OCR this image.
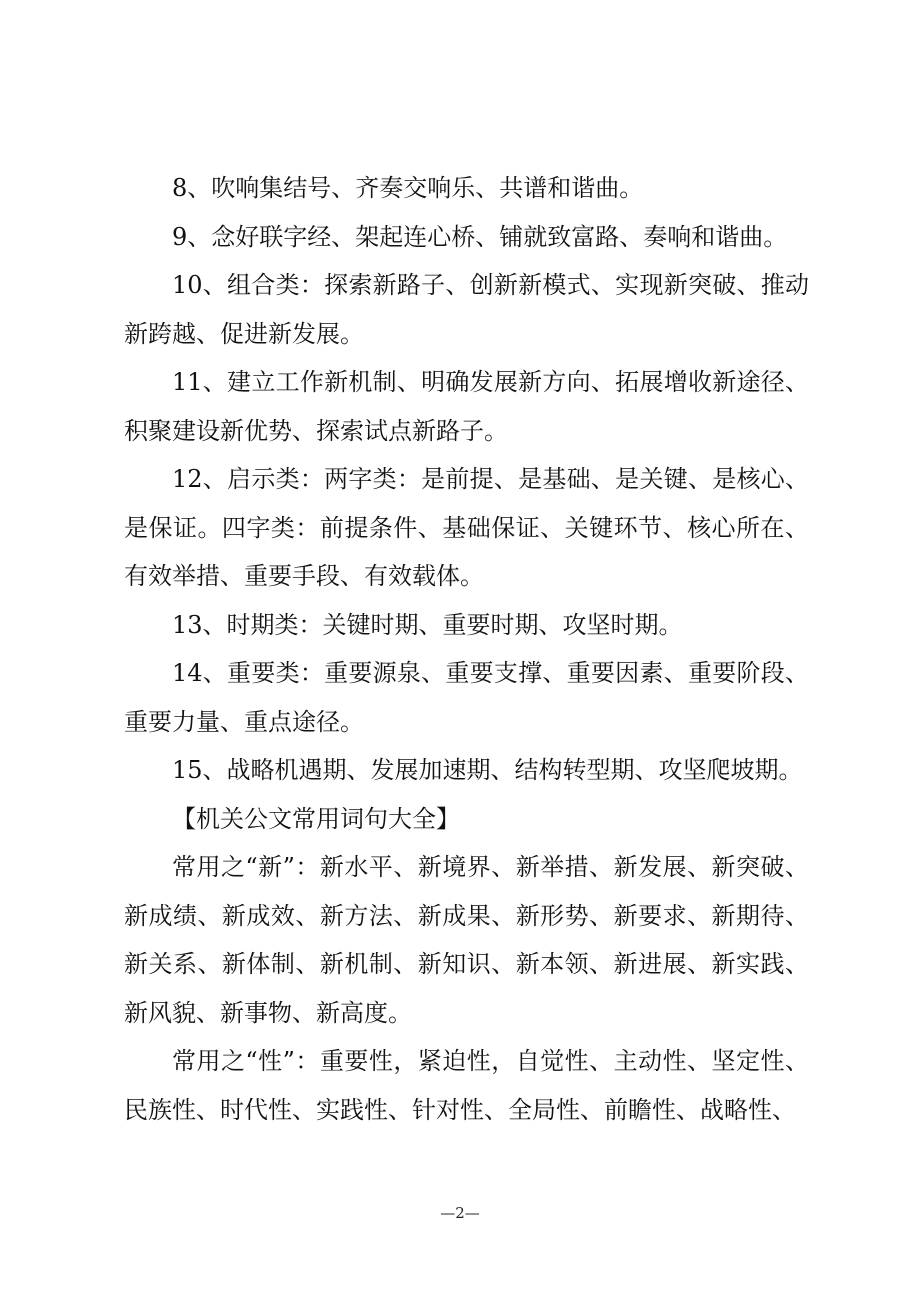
8、吹响集结号、齐奏交响乐、共谱和谐曲。

9、念好联字经、架起连心桥、铺就致富路、奏响和谐曲。

10、组合类：探索新路子、创新新模式、实现新突破、推动新跨越、促进新发展。

11、建立工作新机制、明确发展新方向、拓展增收新途径、积聚建设新优势、探索试点新路子。

12、启示类：两字类：是前提、是基础、是关键、是核心、是保证。四字类：前提条件、基础保证、关键环节、核心所在、有效举措、重要手段、有效载体。

13、时期类：关键时期、重要时期、攻坚时期。

14、重要类：重要源泉、重要支撑、重要因素、重要阶段、重要力量、重点途径。

15、战略机遇期、发展加速期、结构转型期、攻坚爬坡期。

【机关公文常用词句大全】

常用之“新”：新水平、新境界、新举措、新发展、新突破、新成绩、新成效、新方法、新成果、新形势、新要求、新期待、新关系、新体制、新机制、新知识、新本领、新进展、新实践、新风貌、新事物、新高度。

常用之“性”：重要性，紧迫性，自觉性、主动性、坚定性、民族性、时代性、实践性、针对性、全局性、前瞻性、战略性、

—2—
